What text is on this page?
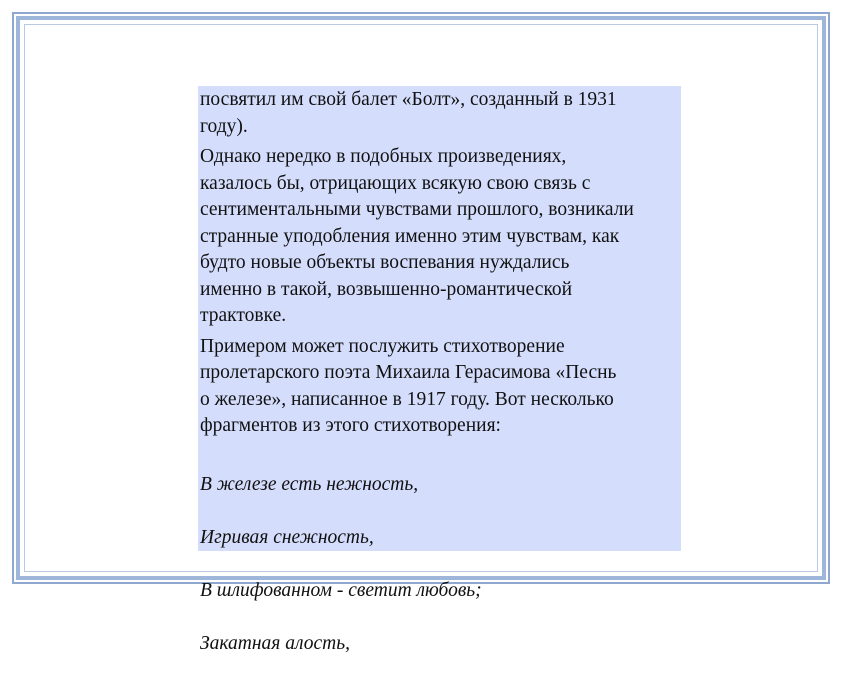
посвятил им свой балет «Болт», созданный в 1931
году).

Однако нередко в подобных произведениях,
казалось бы, отрицающих всякую свою связь с
сентиментальными чувствами прошлого, возникали
странные уподобления именно этим чувствам, как
будто новые объекты воспевания нуждались
именно в такой, возвышенно-романтической
трактовке.

Примером может послужить стихотворение
пролетарского поэта Михаила Герасимова «Песнь
о железе», написанное в 1917 году. Вот несколько
фрагментов из этого стихотворения:

В железе есть нежность,

Игривая снежность,

В шлифованном - светит любовь;

Закатная алость,
